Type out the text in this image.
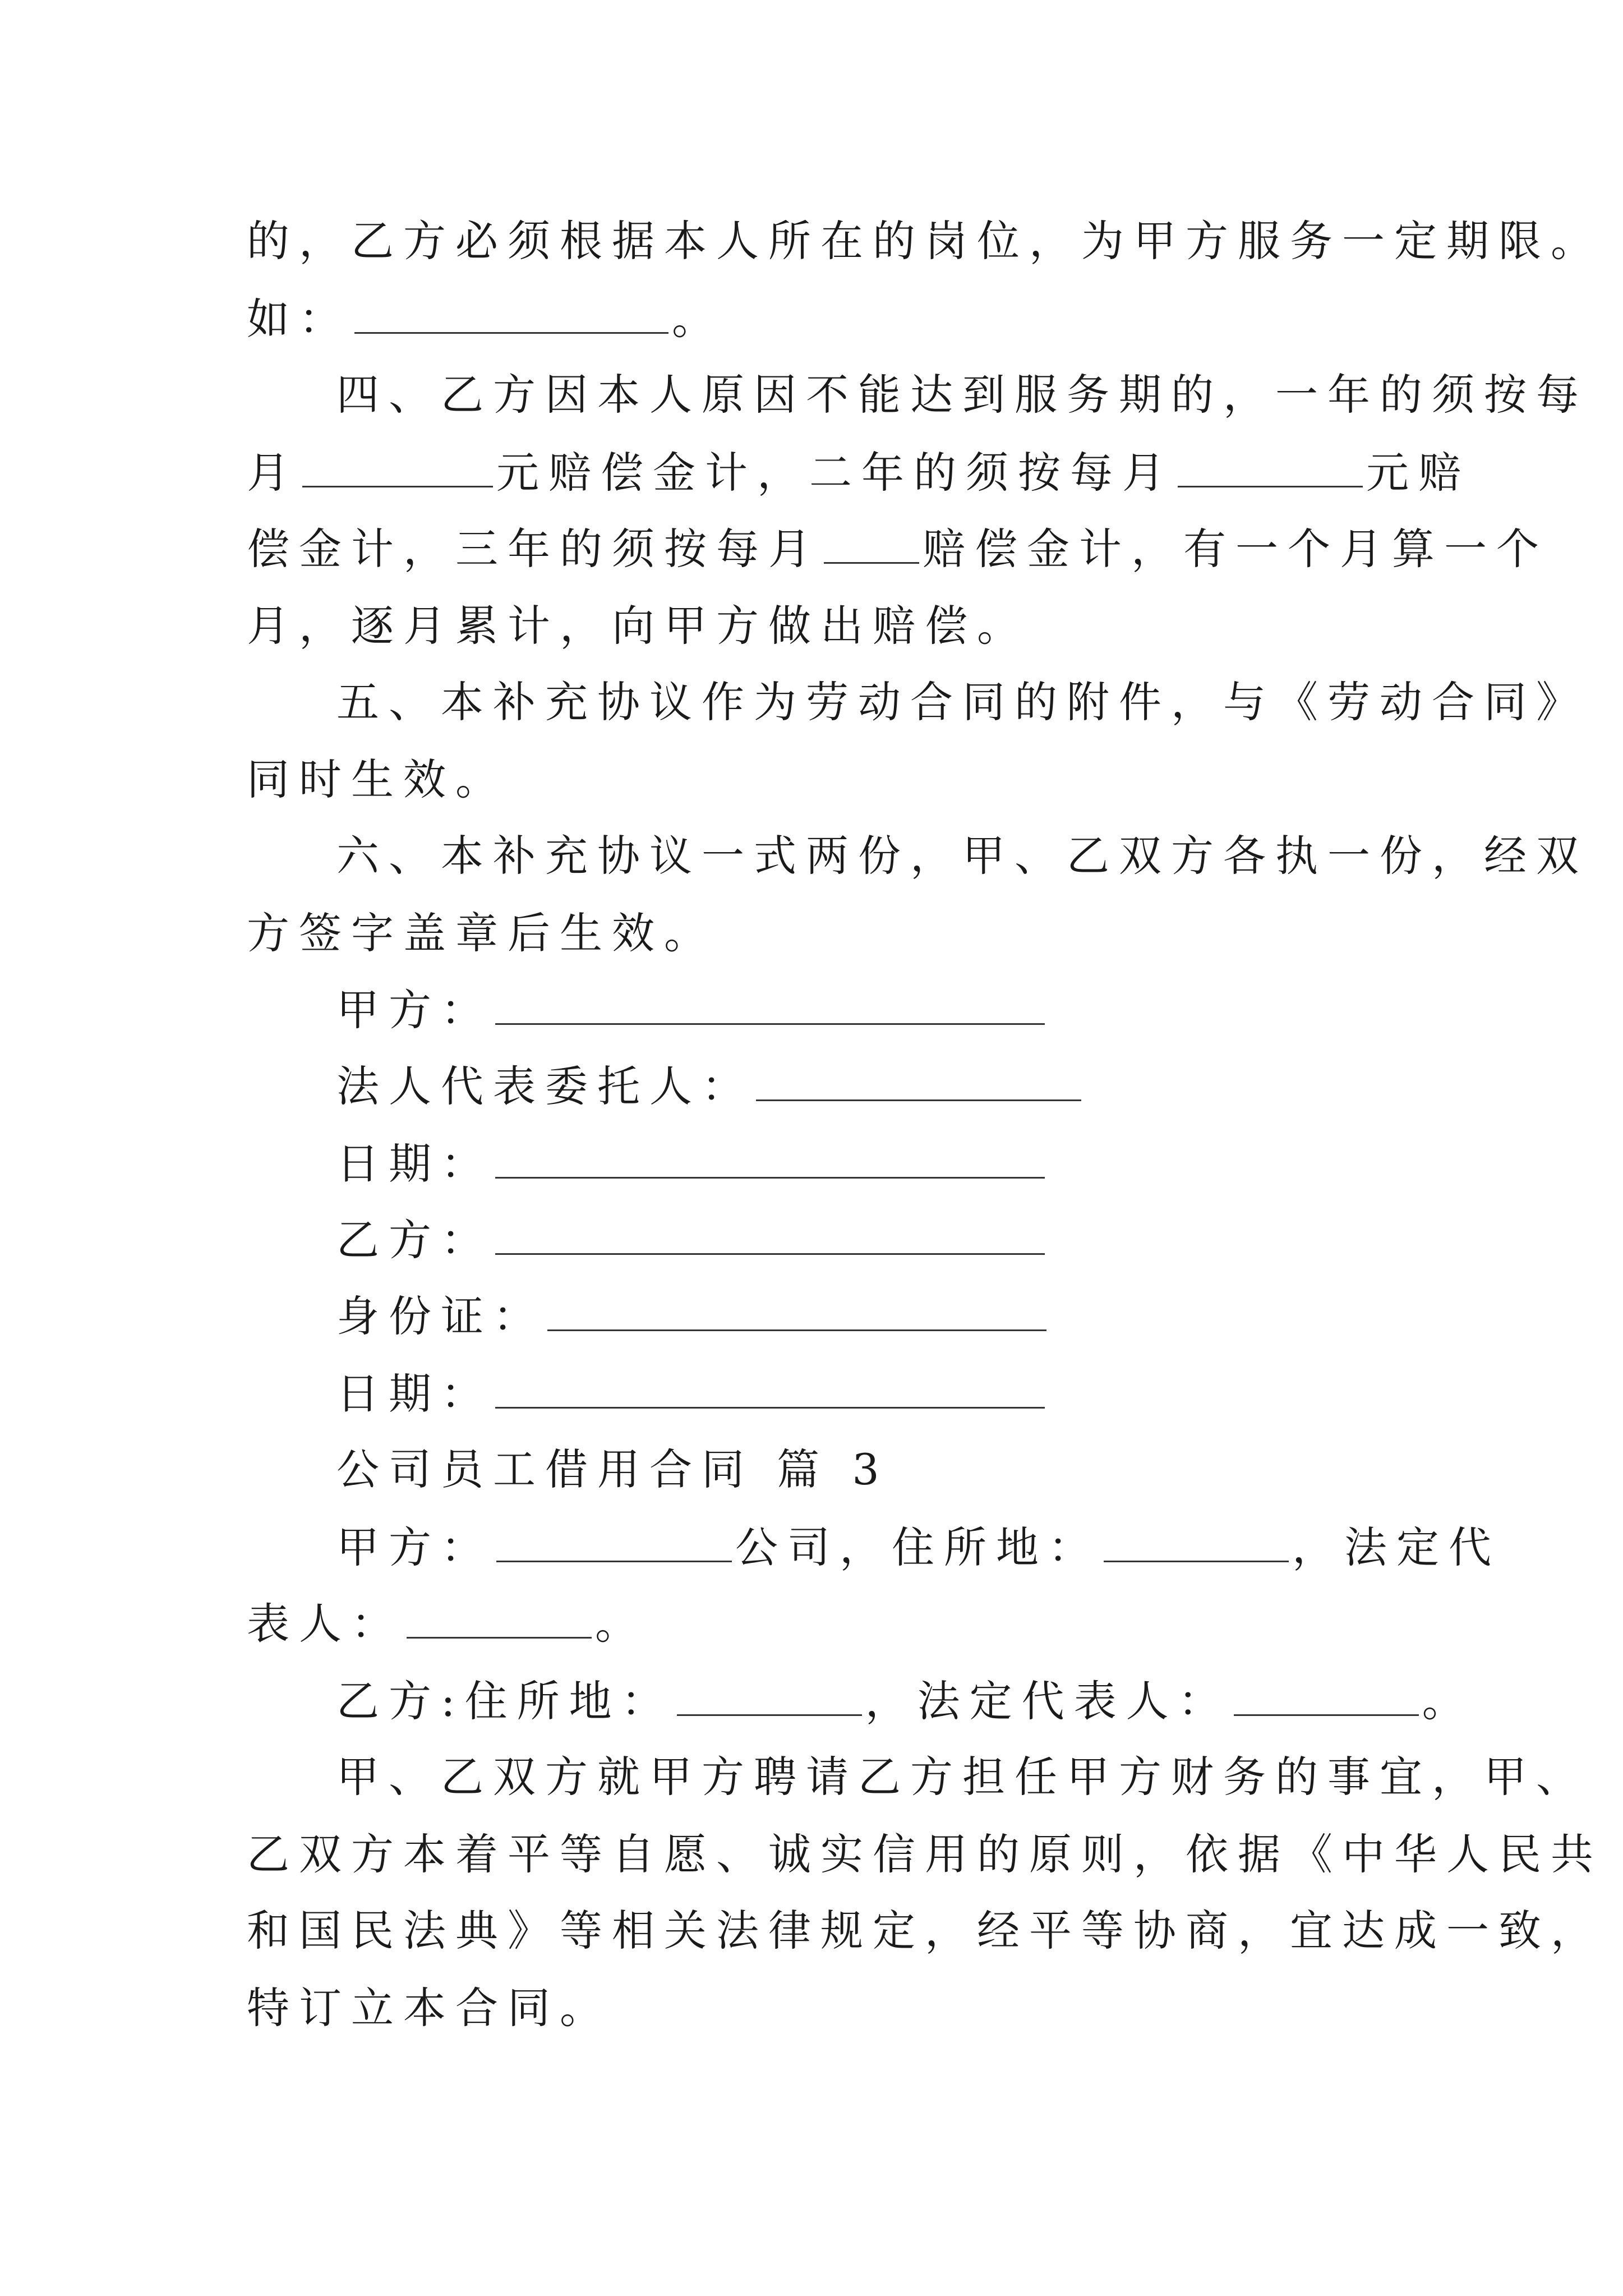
的，乙方必须根据本人所在的岗位，为甲方服务一定期限。
如：	。
四、乙方因本人原因不能达到服务期的，一年的须按每
月	元赔偿金计，二年的须按每月	元赔
偿金计，三年的须按每月 赔偿金计，有一个月算一个
月，逐月累计，向甲方做出赔偿。
五、本补充协议作为劳动合同的附件，与《劳动合同》
同时生效。
六、本补充协议一式两份，甲、乙双方各执一份，经双
方签字盖章后生效。
甲方：
法人代表委托人：
日期：
乙方：
身份证：
日期：
公司员工借用合同 篇 3
甲方：	公司，住所地：	，法定代
表人：	。
乙方:住所地：	，法定代表人：	。
甲、乙双方就甲方聘请乙方担任甲方财务的事宜，甲、
乙双方本着平等自愿、诚实信用的原则，依据《中华人民共
和国民法典》等相关法律规定，经平等协商，宜达成一致，
特订立本合同。
